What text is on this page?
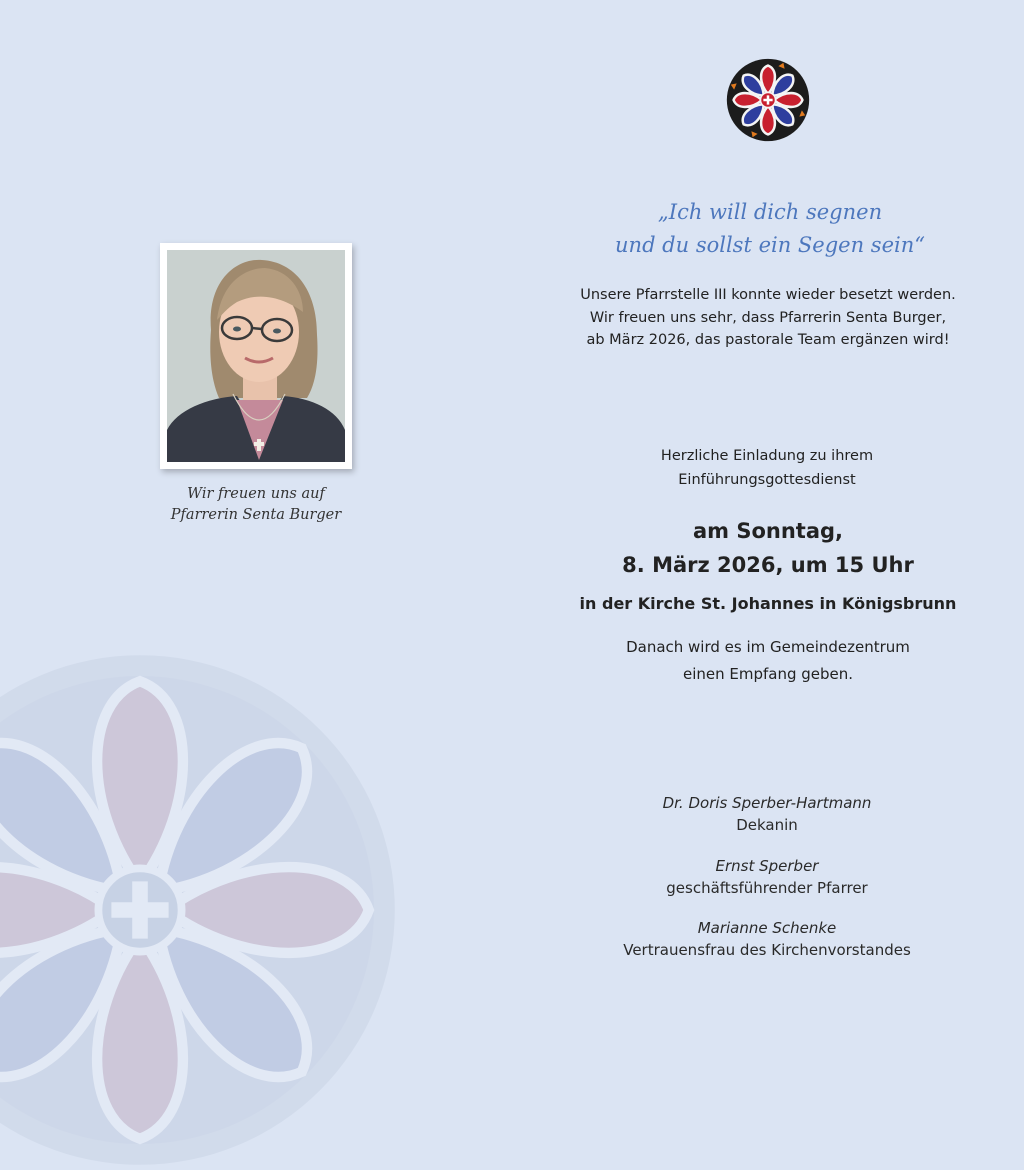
Wir freuen uns auf
Pfarrerin Senta Burger
„Ich will dich segnen
und du sollst ein Segen sein“
Unsere Pfarrstelle III konnte wieder besetzt werden.
Wir freuen uns sehr, dass Pfarrerin Senta Burger,
ab März 2026, das pastorale Team ergänzen wird!
Herzliche Einladung zu ihrem
Einführungsgottesdienst
am Sonntag,
8. März 2026, um 15 Uhr
in der Kirche St. Johannes in Königsbrunn
Danach wird es im Gemeindezentrum
einen Empfang geben.
Dr. Doris Sperber-Hartmann
Dekanin
Ernst Sperber
geschäftsführender Pfarrer
Marianne Schenke
Vertrauensfrau des Kirchenvorstandes
